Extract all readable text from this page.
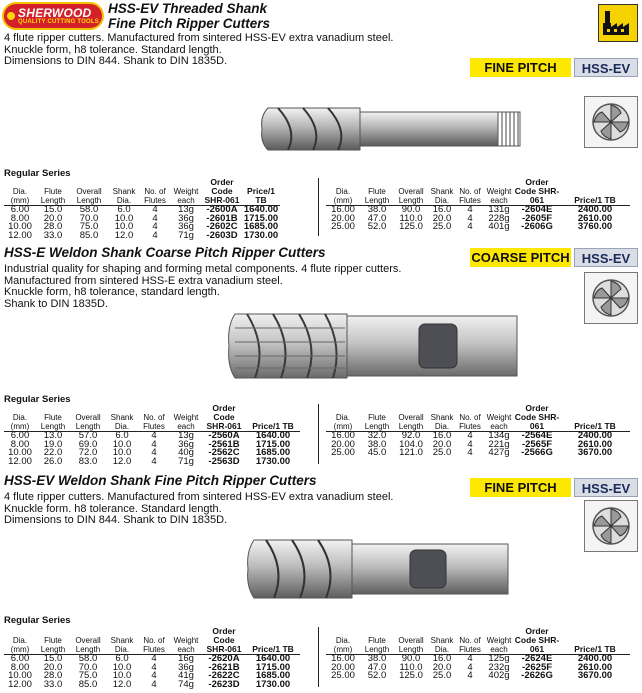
SHERWOOD
QUALITY CUTTING TOOLS
HSS-EV Threaded Shank
Fine Pitch Ripper Cutters
4 flute ripper cutters. Manufactured from sintered HSS-EV extra vanadium steel.
Knuckle form, h8 tolerance. Standard length.
Dimensions to DIN 844. Shank to DIN 1835D.	FINE PITCH	HSS-EV
Regular Series
Dia. (mm)	Flute Length	Overall Length	Shank Dia.	No. of Flutes	Weight each	Order Code SHR-061	Price/1 TB
6.00	15.0	58.0	6.0	4	13g	-2600A	1640.00
8.00	20.0	70.0	10.0	4	36g	-2601B	1715.00
10.00	28.0	75.0	10.0	4	36g	-2602C	1685.00
12.00	33.0	85.0	12.0	4	71g	-2603D	1730.00
Dia. (mm)	Flute Length	Overall Length	Shank Dia.	No. of Flutes	Weight each	Order Code SHR-061	Price/1 TB
16.00	38.0	90.0	16.0	4	131g	-2604E	2400.00
20.00	47.0	110.0	20.0	4	228g	-2605F	2610.00
25.00	52.0	125.0	25.0	4	401g	-2606G	3760.00
HSS-E Weldon Shank Coarse Pitch Ripper Cutters
Industrial quality for shaping and forming metal components. 4 flute ripper cutters.
Manufactured from sintered HSS-E extra vanadium steel.
Knuckle form, h8 tolerance, standard length.
Shank to DIN 1835D.
COARSE PITCH HSS-EV
Regular Series
Dia. (mm)	Flute Length	Overall Length	Shank Dia.	No. of Flutes	Weight each	Order Code SHR-061	Price/1 TB
6.00	13.0	57.0	6.0	4	13g	-2560A	1640.00
8.00	19.0	69.0	10.0	4	36g	-2561B	1715.00
10.00	22.0	72.0	10.0	4	40g	-2562C	1685.00
12.00	26.0	83.0	12.0	4	71g	-2563D	1730.00
Dia. (mm)	Flute Length	Overall Length	Shank Dia.	No. of Flutes	Weight each	Order Code SHR-061	Price/1 TB
16.00	32.0	92.0	16.0	4	134g	-2564E	2400.00
20.00	38.0	104.0	20.0	4	221g	-2565F	2610.00
25.00	45.0	121.0	25.0	4	427g	-2566G	3670.00
HSS-EV Weldon Shank Fine Pitch Ripper Cutters
4 flute ripper cutters. Manufactured from sintered HSS-EV extra vanadium steel.
Knuckle form. h8 tolerance. Standard length.
Dimensions to DIN 844. Shank to DIN 1835D.
FINE PITCH	HSS-EV
Regular Series
Dia. (mm)	Flute Length	Overall Length	Shank Dia.	No. of Flutes	Weight each	Order Code SHR-061	Price/1 TB
6.00	15.0	58.0	6.0	4	16g	-2620A	1640.00
8.00	20.0	70.0	10.0	4	36g	-2621B	1715.00
10.00	28.0	75.0	10.0	4	41g	-2622C	1685.00
12.00	33.0	85.0	12.0	4	74g	-2623D	1730.00
Dia. (mm)	Flute Length	Overall Length	Shank Dia.	No. of Flutes	Weight each	Order Code SHR-061	Price/1 TB
16.00	38.0	90.0	16.0	4	125g	-2624E	2400.00
20.00	47.0	110.0	20.0	4	232g	-2625F	2610.00
25.00	52.0	125.0	25.0	4	402g	-2626G	3670.00
